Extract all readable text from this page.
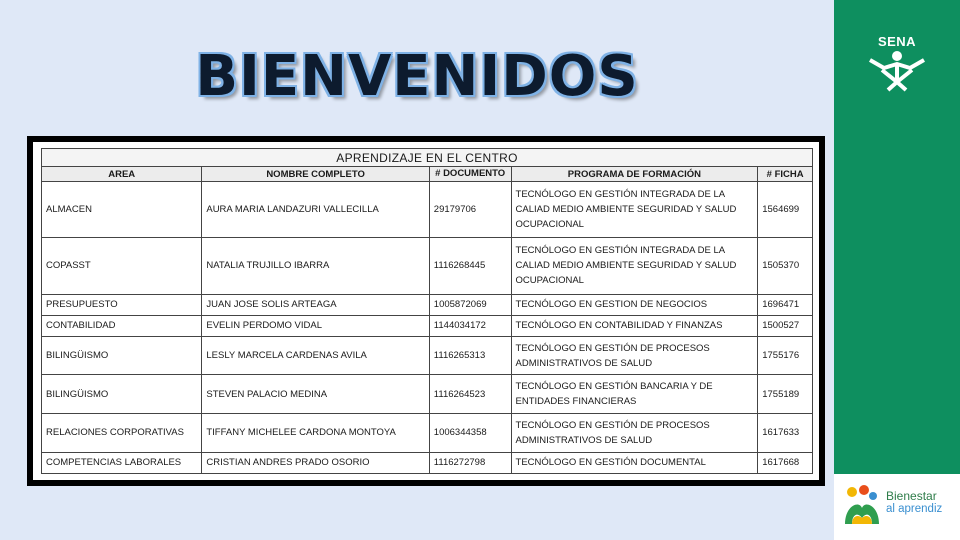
BIENVENIDOS
APRENDIZAJE EN EL CENTRO				
AREA	NOMBRE COMPLETO	# DOCUMENTO	PROGRAMA DE FORMACIÓN	# FICHA
ALMACEN	AURA MARIA LANDAZURI VALLECILLA	29179706	TECNÓLOGO EN GESTIÓN INTEGRADA DE LA CALIAD MEDIO AMBIENTE SEGURIDAD Y SALUD OCUPACIONAL	1564699
COPASST	NATALIA TRUJILLO IBARRA	1116268445	TECNÓLOGO EN GESTIÓN INTEGRADA DE LA CALIAD MEDIO AMBIENTE SEGURIDAD Y SALUD OCUPACIONAL	1505370
PRESUPUESTO	JUAN JOSE SOLIS ARTEAGA	1005872069	TECNÓLOGO EN GESTION DE NEGOCIOS	1696471
CONTABILIDAD	EVELIN PERDOMO VIDAL	1144034172	TECNÓLOGO EN CONTABILIDAD Y FINANZAS	1500527
BILINGÜISMO	LESLY MARCELA CARDENAS AVILA	1116265313	TECNÓLOGO EN GESTIÓN DE PROCESOS ADMINISTRATIVOS DE SALUD	1755176
BILINGÜISMO	STEVEN PALACIO MEDINA	1116264523	TECNÓLOGO EN GESTIÓN BANCARIA Y DE ENTIDADES FINANCIERAS	1755189
RELACIONES CORPORATIVAS	TIFFANY MICHELEE CARDONA MONTOYA	1006344358	TECNÓLOGO EN GESTIÓN DE PROCESOS ADMINISTRATIVOS DE SALUD	1617633
COMPETENCIAS LABORALES	CRISTIAN ANDRES PRADO OSORIO	1116272798	TECNÓLOGO EN GESTIÓN DOCUMENTAL	1617668
SENA
Bienestar
al aprendiz
